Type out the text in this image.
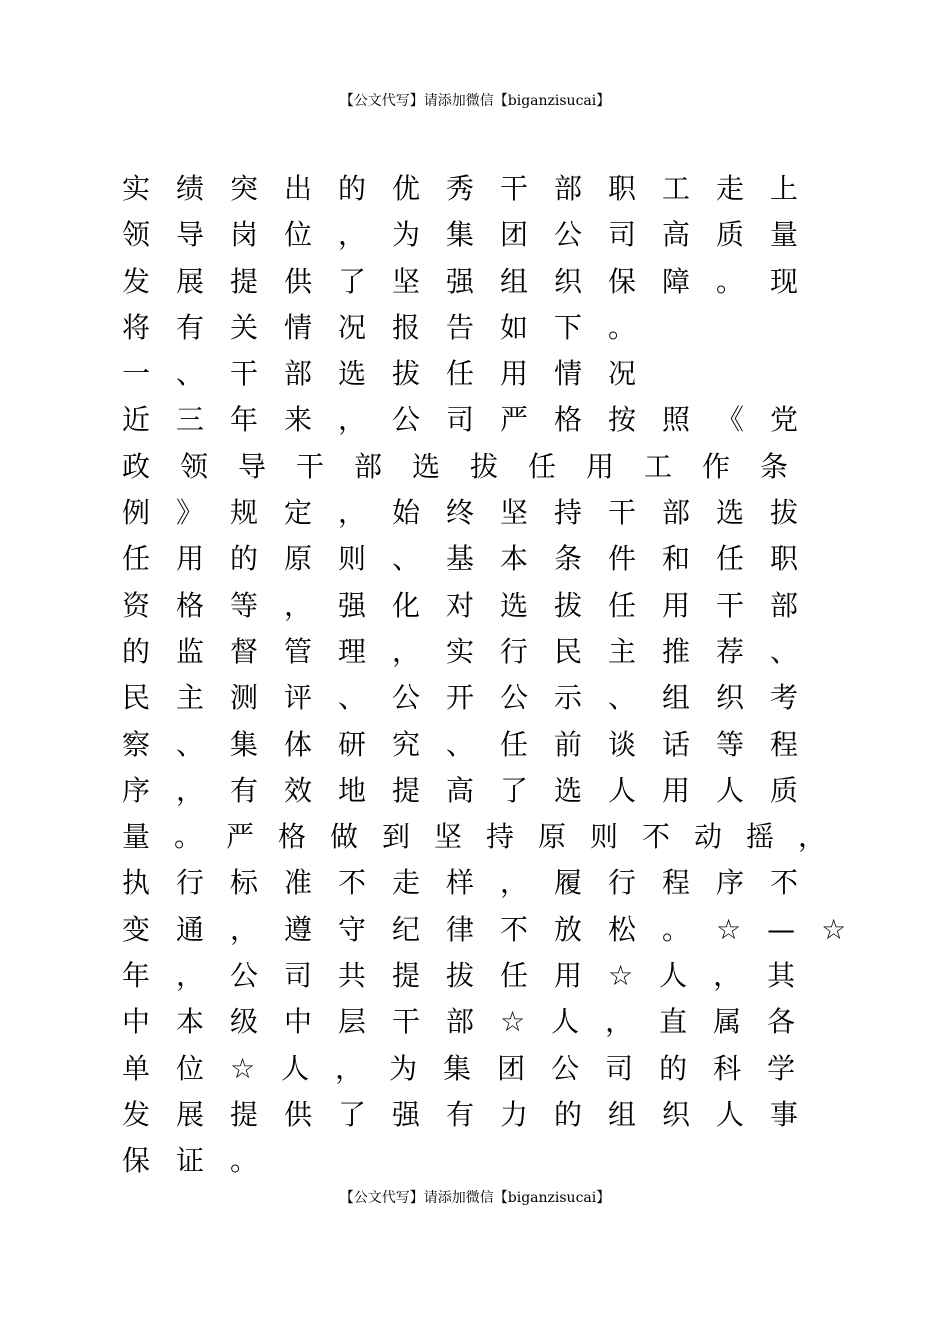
【公文代写】请添加微信【biganzisucai】
实绩突出的优秀干部职工走上
领导岗位，为集团公司高质量
发展提供了坚强组织保障。现
将有关情况报告如下。
一、干部选拔任用情况
近三年来，公司严格按照《党
政领导干部选拔任用工作条
例》规定，始终坚持干部选拔
任用的原则、基本条件和任职
资格等，强化对选拔任用干部
的监督管理，实行民主推荐、
民主测评、公开公示、组织考
察、集体研究、任前谈话等程
序，有效地提高了选人用人质
量。严格做到坚持原则不动摇，
执行标准不走样，履行程序不
变通，遵守纪律不放松。☆—☆
年，公司共提拔任用☆人，其
中本级中层干部☆人，直属各
单位☆人，为集团公司的科学
发展提供了强有力的组织人事
保证。
【公文代写】请添加微信【biganzisucai】
